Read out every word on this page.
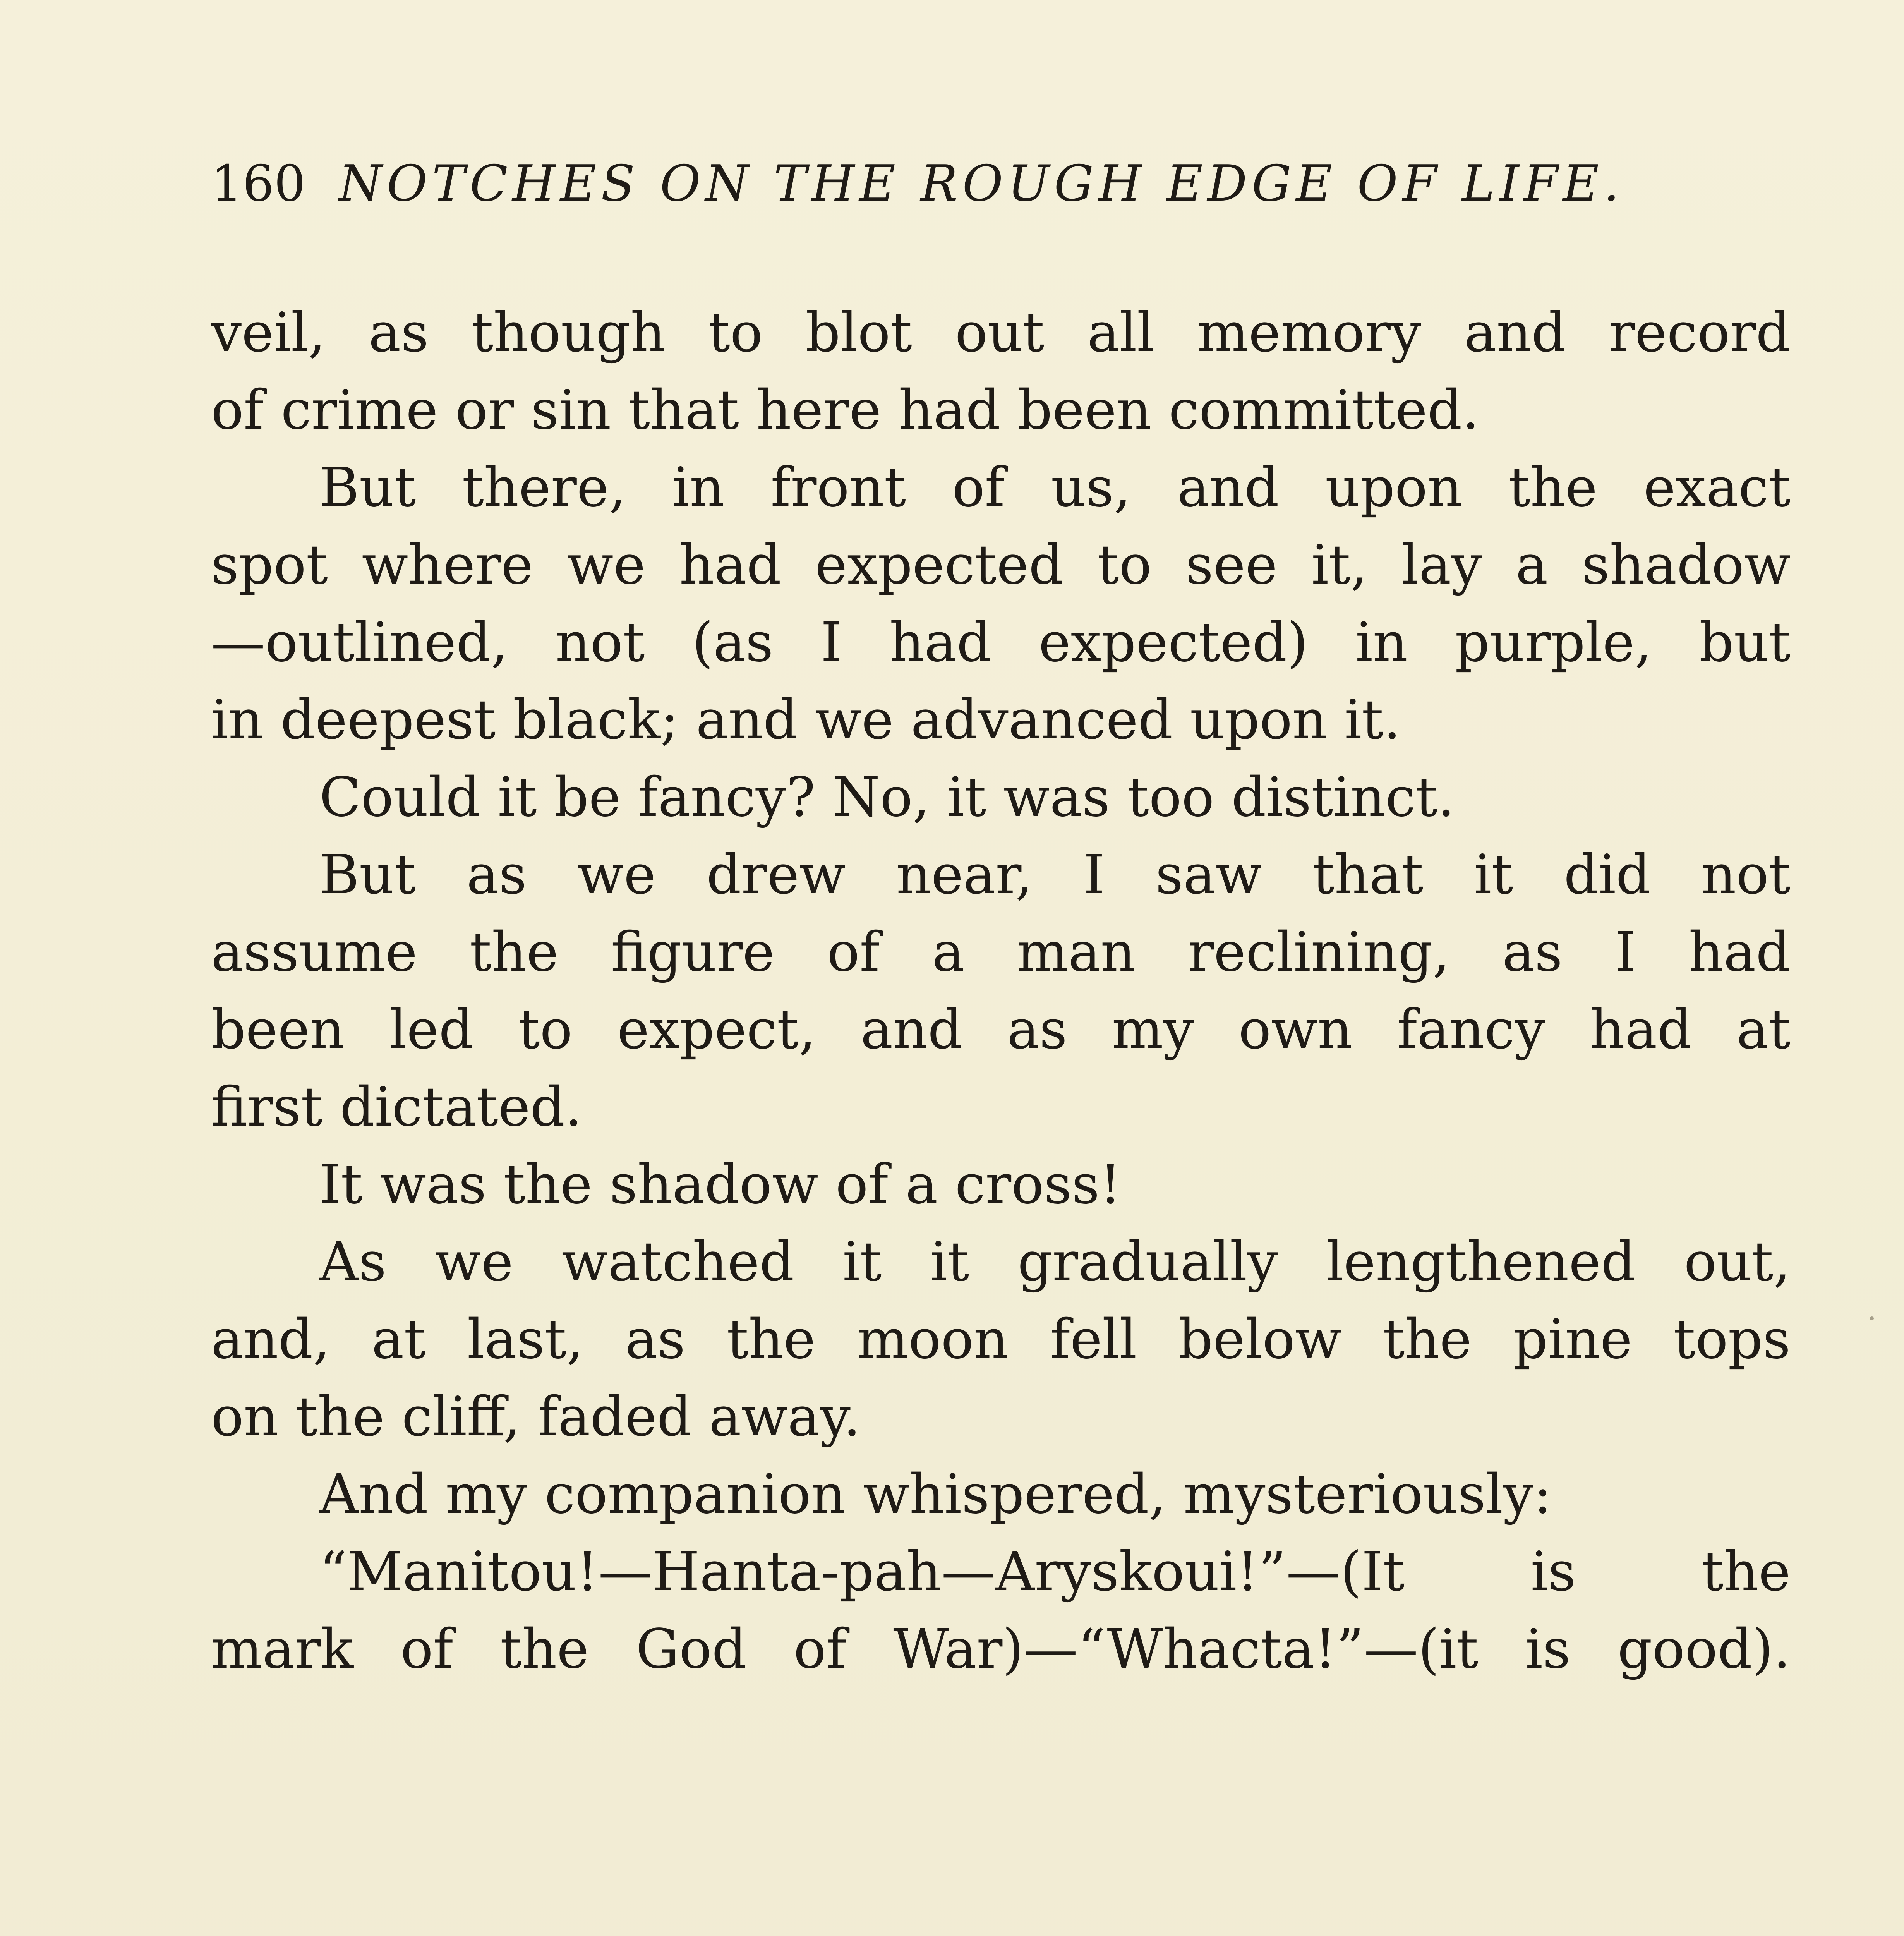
160 NOTCHES ON THE ROUGH EDGE OF LIFE.
veil, as though to blot out all memory and record
of crime or sin that here had been committed.
But there, in front of us, and upon the exact
spot where we had expected to see it, lay a shadow
—outlined, not (as I had expected) in purple, but
in deepest black; and we advanced upon it.
Could it be fancy? No, it was too distinct.
But as we drew near, I saw that it did not
assume the figure of a man reclining, as I had
been led to expect, and as my own fancy had at
first dictated.
It was the shadow of a cross!
As we watched it it gradually lengthened out,
and, at last, as the moon fell below the pine tops
on the cliff, faded away.
And my companion whispered, mysteriously:
“Manitou!—Hanta-pah—Aryskoui!”—(It is the
mark of the God of War)—“Whacta!”—(it is good).
